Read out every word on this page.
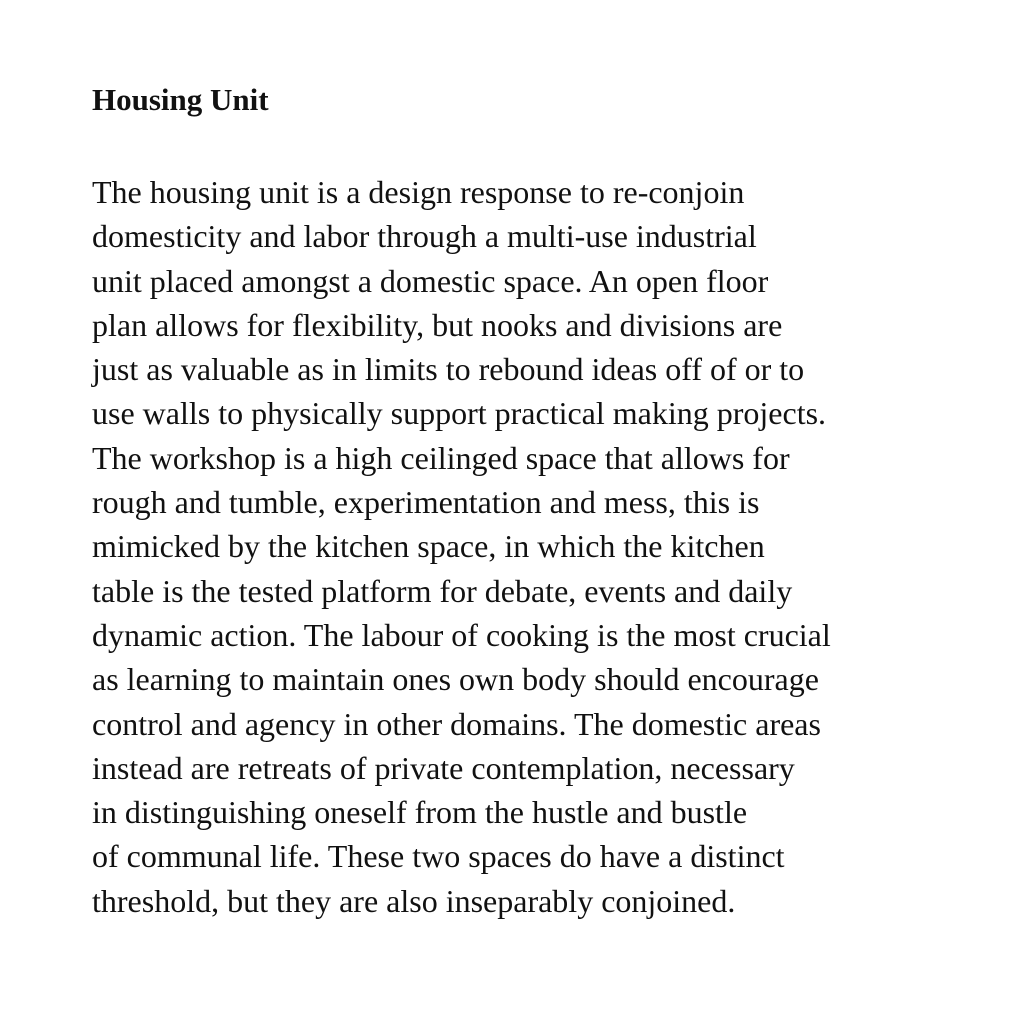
Housing Unit

The housing unit is a design response to re-conjoin
domesticity and labor through a multi-use industrial
unit placed amongst a domestic space. An open floor
plan allows for flexibility, but nooks and divisions are
just as valuable as in limits to rebound ideas off of or to
use walls to physically support practical making projects.
The workshop is a high ceilinged space that allows for
rough and tumble, experimentation and mess, this is
mimicked by the kitchen space, in which the kitchen
table is the tested platform for debate, events and daily
dynamic action. The labour of cooking is the most crucial
as learning to maintain ones own body should encourage
control and agency in other domains. The domestic areas
instead are retreats of private contemplation, necessary
in distinguishing oneself from the hustle and bustle
of communal life. These two spaces do have a distinct
threshold, but they are also inseparably conjoined.
